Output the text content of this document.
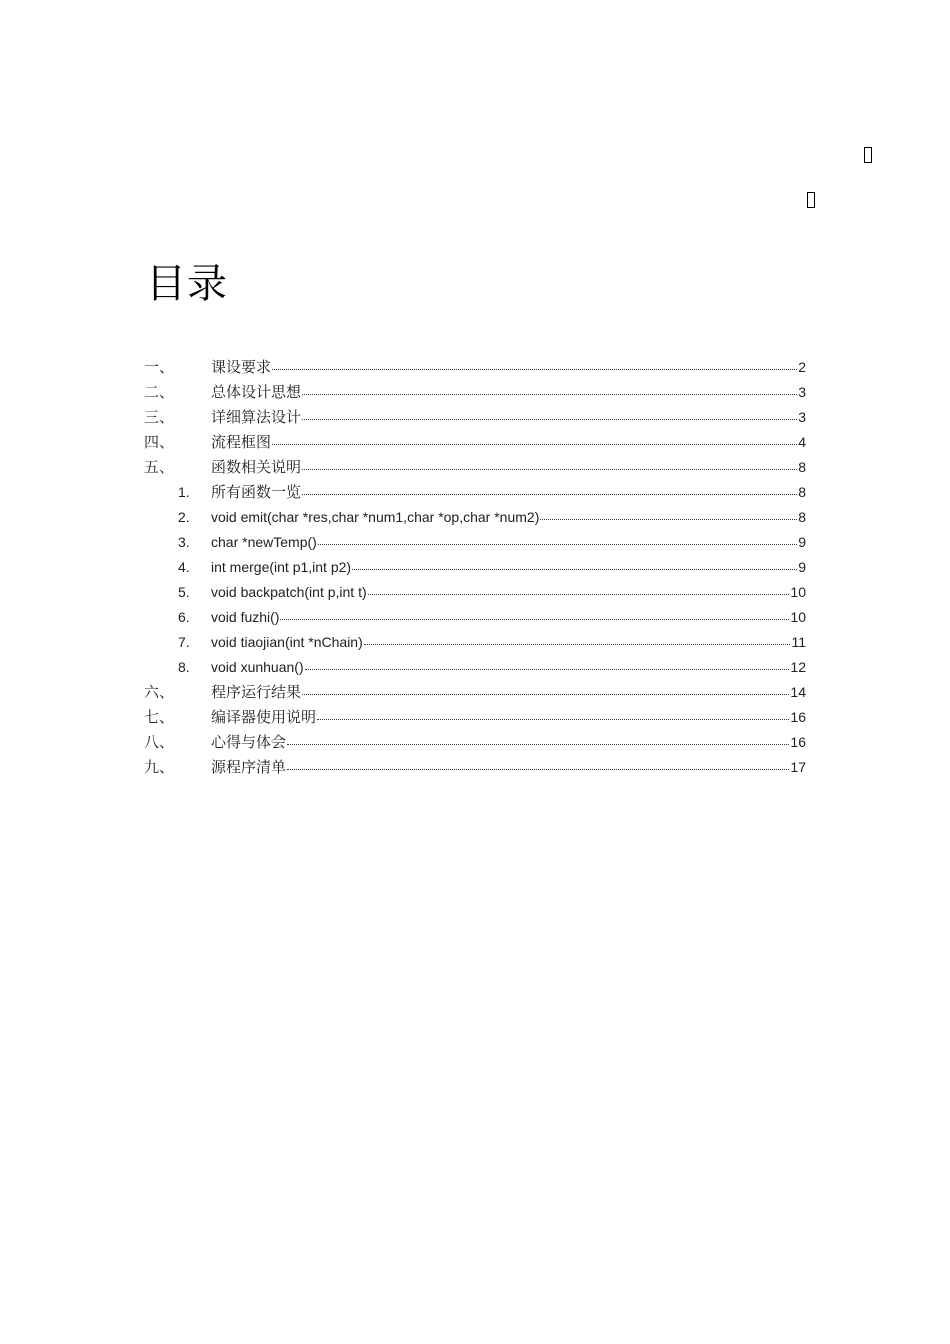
目录
一、 课设要求	2
二、 总体设计思想	3
三、 详细算法设计	3
四、 流程框图	4
五、 函数相关说明	8
1. 所有函数一览	8
2. void emit(char *res,char *num1,char *op,char *num2)	8
3. char *newTemp()	9
4. int merge(int p1,int p2)	9
5. void backpatch(int p,int t)	10
6. void fuzhi()	10
7. void tiaojian(int *nChain)	11
8. void xunhuan()	12
六、 程序运行结果	14
七、 编译器使用说明	16
八、 心得与体会	16
九、 源程序清单	17
